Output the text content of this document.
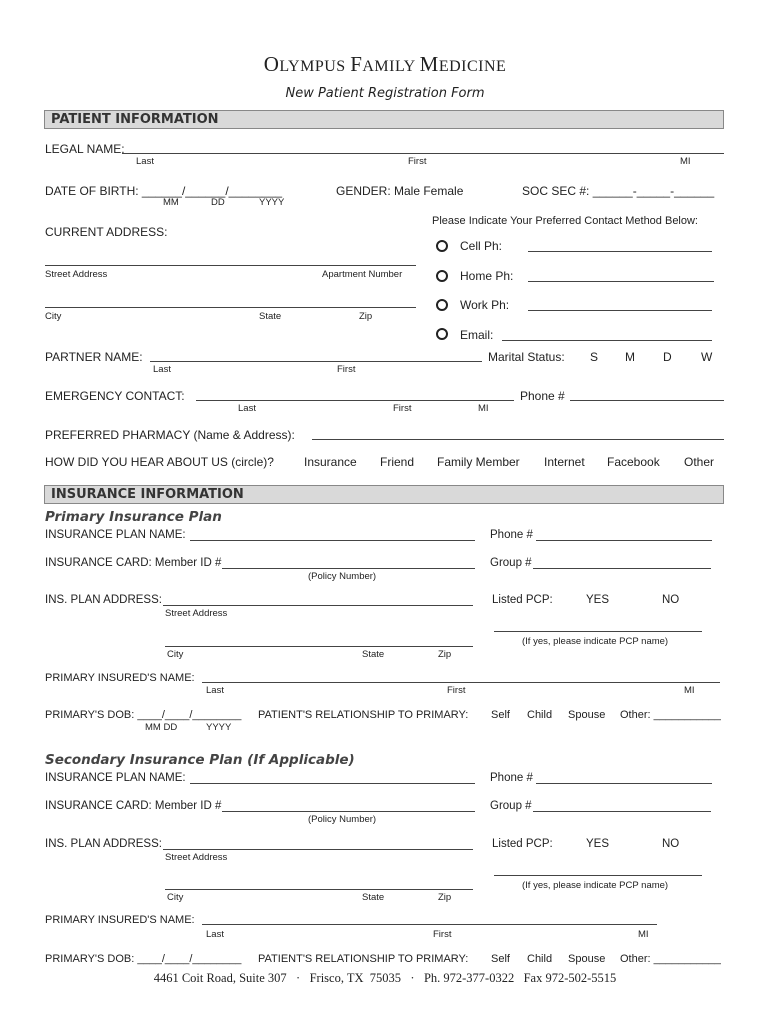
OLYMPUS FAMILY MEDICINE
New Patient Registration Form
PATIENT INFORMATION
LEGAL NAME:
Last	First	MI
DATE OF BIRTH: ______/______/________
MM	DD	YYYY
GENDER: Male Female	SOC SEC #: ______-_____-______
Please Indicate Your Preferred Contact Method Below:
CURRENT ADDRESS:
Cell Ph:
Street Address	Apartment Number	Home Ph:
Work Ph:
City	State	Zip
Email:
PARTNER NAME:
Last	First
Marital Status: S M D W
EMERGENCY CONTACT:
Last	First	MI
Phone #
PREFERRED PHARMACY (Name & Address):
HOW DID YOU HEAR ABOUT US (circle)?	Insurance Friend Family Member Internet Facebook Other
INSURANCE INFORMATION
Primary Insurance Plan
INSURANCE PLAN NAME:	Phone #
INSURANCE CARD: Member ID #
(Policy Number)
Group #
INS. PLAN ADDRESS:
Street Address
Listed PCP:	YES	NO
(If yes, please indicate PCP name)
City	State	Zip
PRIMARY INSURED'S NAME:
Last	First	MI
PRIMARY'S DOB: ____/____/________
MM DD	YYYY
PATIENT'S RELATIONSHIP TO PRIMARY: Self Child Spouse Other: ___________
Secondary Insurance Plan (If Applicable)
INSURANCE PLAN NAME:	Phone #
INSURANCE CARD: Member ID #
(Policy Number)
Group #
INS. PLAN ADDRESS:
Street Address
Listed PCP:	YES	NO
(If yes, please indicate PCP name)
City	State	Zip
PRIMARY INSURED'S NAME:
Last	First	MI
PRIMARY'S DOB: ____/____/________ PATIENT'S RELATIONSHIP TO PRIMARY: Self Child Spouse Other: ___________
4461 Coit Road, Suite 307   ·   Frisco, TX  75035   ·   Ph. 972-377-0322   Fax 972-502-5515
